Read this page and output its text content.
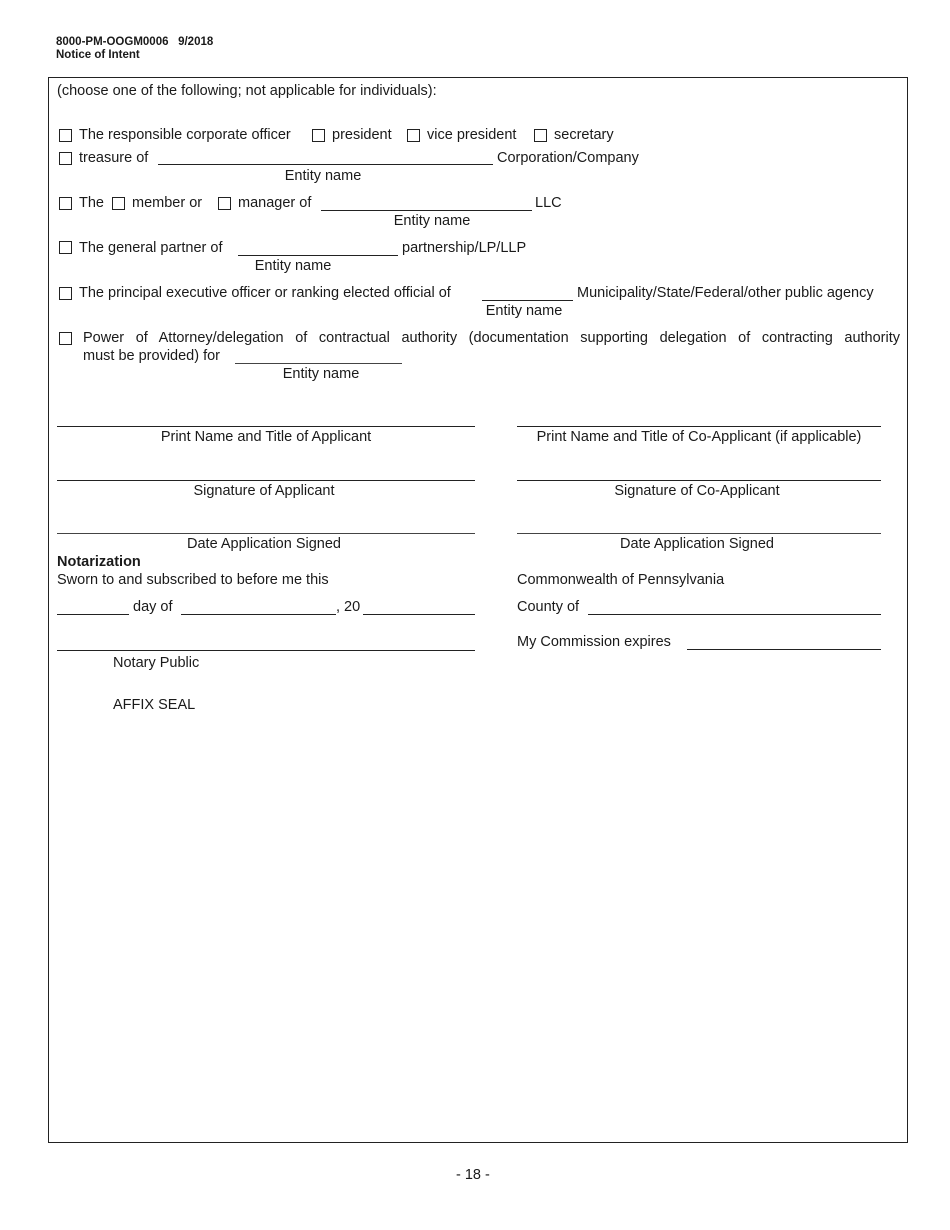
8000-PM-OOGM0006 9/2018
Notice of Intent
(choose one of the following; not applicable for individuals):
The responsible corporate officer	president vice president	secretary
treasure of	Corporation/Company
Entity name
The member or manager of	LLC
Entity name
The general partner of	partnership/LP/LLP
Entity name
The principal executive officer or ranking elected official of	Municipality/State/Federal/other public agency
Entity name
Power of Attorney/delegation of contractual authority (documentation supporting delegation of contracting authority
must be provided) for
Entity name
Print Name and Title of Applicant	Print Name and Title of Co-Applicant (if applicable)
Signature of Applicant	Signature of Co-Applicant
Date Application Signed	Date Application Signed
Notarization
Sworn to and subscribed to before me this	Commonwealth of Pennsylvania
day of	, 20	County of
My Commission expires
Notary Public
AFFIX SEAL
- 18 -
